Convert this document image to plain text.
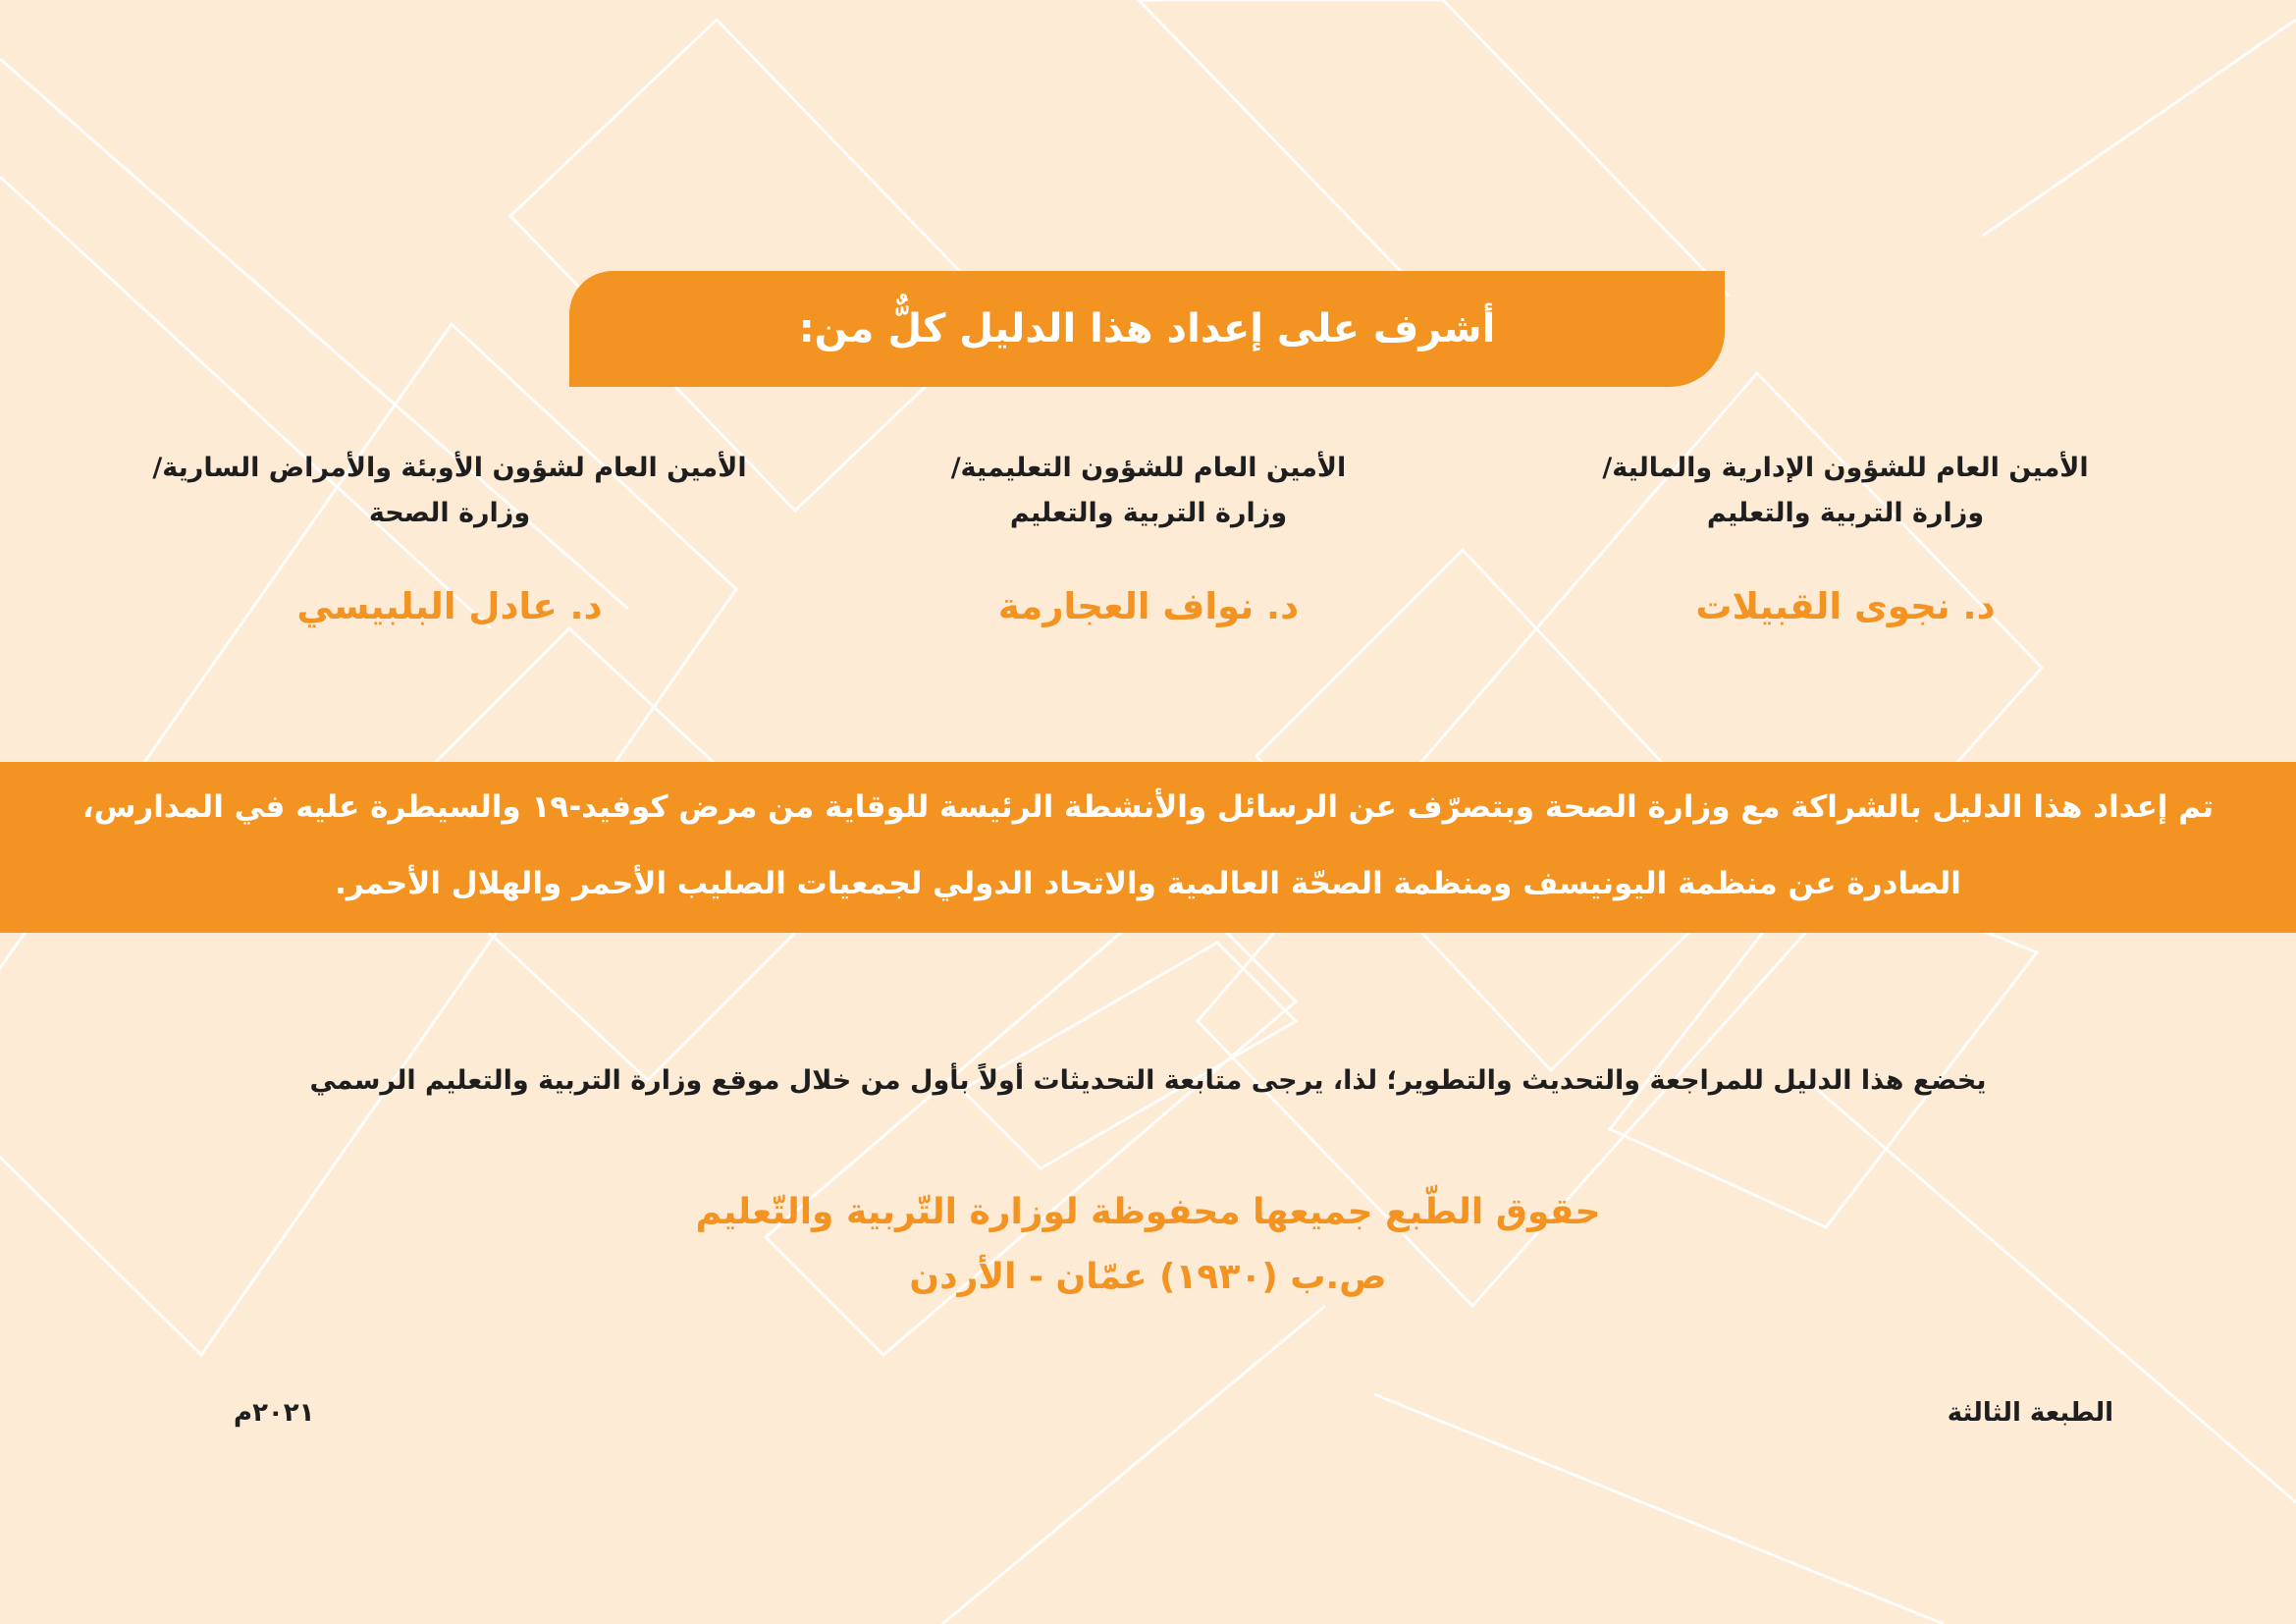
أشرف على إعداد هذا الدليل كلٌّ من:
الأمين العام للشؤون الإدارية والمالية/
وزارة التربية والتعليم
د. نجوى القبيلات
الأمين العام للشؤون التعليمية/
وزارة التربية والتعليم
د. نواف العجارمة
الأمين العام لشؤون الأوبئة والأمراض السارية/
وزارة الصحة
د. عادل البلبيسي
تم إعداد هذا الدليل بالشراكة مع وزارة الصحة وبتصرّف عن الرسائل والأنشطة الرئيسة للوقاية من مرض كوفيد-١٩ والسيطرة عليه في المدارس،
الصادرة عن منظمة اليونيسف ومنظمة الصحّة العالمية والاتحاد الدولي لجمعيات الصليب الأحمر والهلال الأحمر.
يخضع هذا الدليل للمراجعة والتحديث والتطوير؛ لذا، يرجى متابعة التحديثات أولاً بأول من خلال موقع وزارة التربية والتعليم الرسمي
حقوق الطّبع جميعها محفوظة لوزارة التّربية والتّعليم
ص.ب (١٩٣٠) عمّان - الأردن
الطبعة الثالثة
٢٠٢١م
